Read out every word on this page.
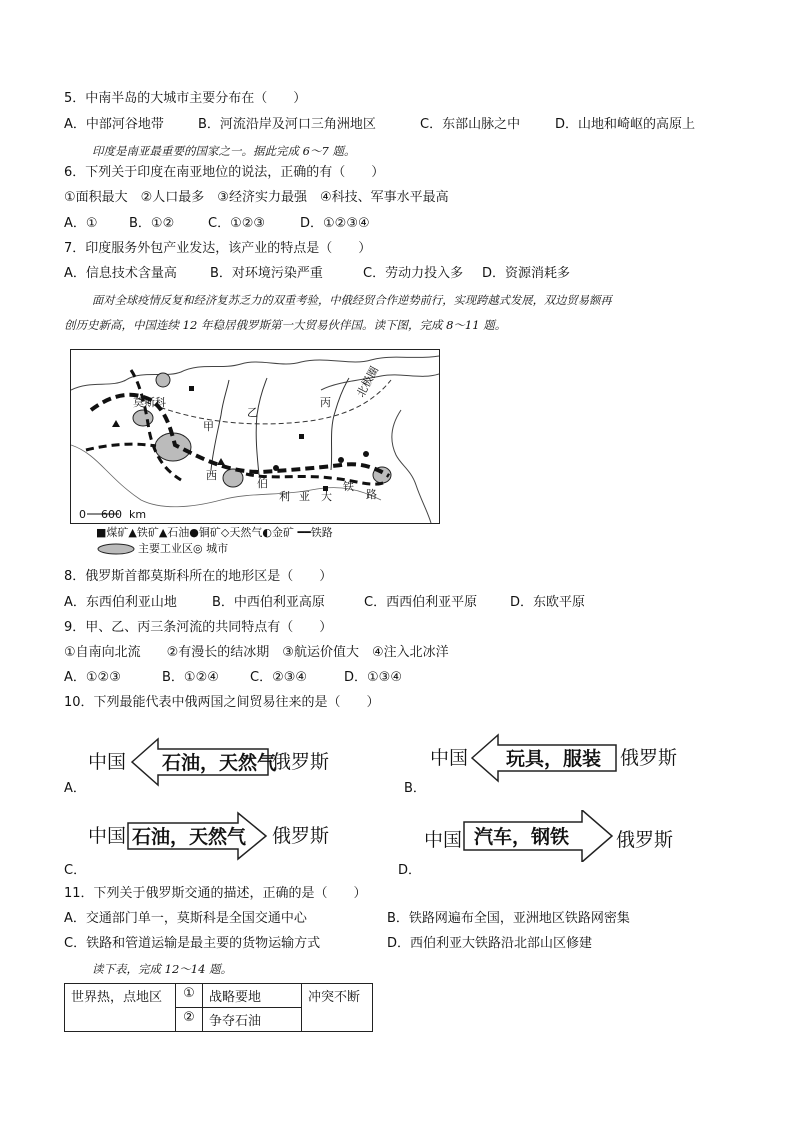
5．中南半岛的大城市主要分布在（　　）
A．中部河谷地带	B．河流沿岸及河口三角洲地区	C．东部山脉之中	D．山地和崎岖的高原上
印度是南亚最重要的国家之一。据此完成 6～7 题。
6．下列关于印度在南亚地位的说法，正确的有（　　）
①面积最大　②人口最多　③经济实力最强　④科技、军事水平最高
A．① B．①②	C．①②③	D．①②③④
7．印度服务外包产业发达，该产业的特点是（　　）
A．信息技术含量高	B．对环境污染严重	C．劳动力投入多 D．资源消耗多
面对全球疫情反复和经济复苏乏力的双重考验，中俄经贸合作逆势前行，实现跨越式发展，双边贸易额再
创历史新高，中国连续 12 年稳居俄罗斯第一大贸易伙伴国。读下图，完成 8～11 题。
莫斯科
甲
乙
丙
北极圈
西
伯
利 亚 大
铁
路
0 600 km
■煤矿▲铁矿▲石油●铜矿◇天然气◐金矿 ━━铁路
主要工业区◎ 城市
8．俄罗斯首都莫斯科所在的地形区是（　　）
A．东西伯利亚山地	B．中西伯利亚高原	C．西西伯利亚平原	D．东欧平原
9．甲、乙、丙三条河流的共同特点有（　　）
①自南向北流　　②有漫长的结冰期　③航运价值大　④注入北冰洋
A．①②③	B．①②④ C．②③④	D．①③④
10．下列最能代表中俄两国之间贸易往来的是（　　）
中国 石油，天然气
俄罗斯
A．
中国 玩具，服装 俄罗斯
B．
中国 石油，天然气 俄罗斯
C．
中国 汽车，钢铁 俄罗斯
D．
11．下列关于俄罗斯交通的描述，正确的是（　　）
A．交通部门单一，莫斯科是全国交通中心	B．铁路网遍布全国，亚洲地区铁路网密集
C．铁路和管道运输是最主要的货物运输方式	D．西伯利亚大铁路沿北部山区修建
读下表，完成 12～14 题。
世界热，点地区	①	战略要地	冲突不断
	②	争夺石油	
